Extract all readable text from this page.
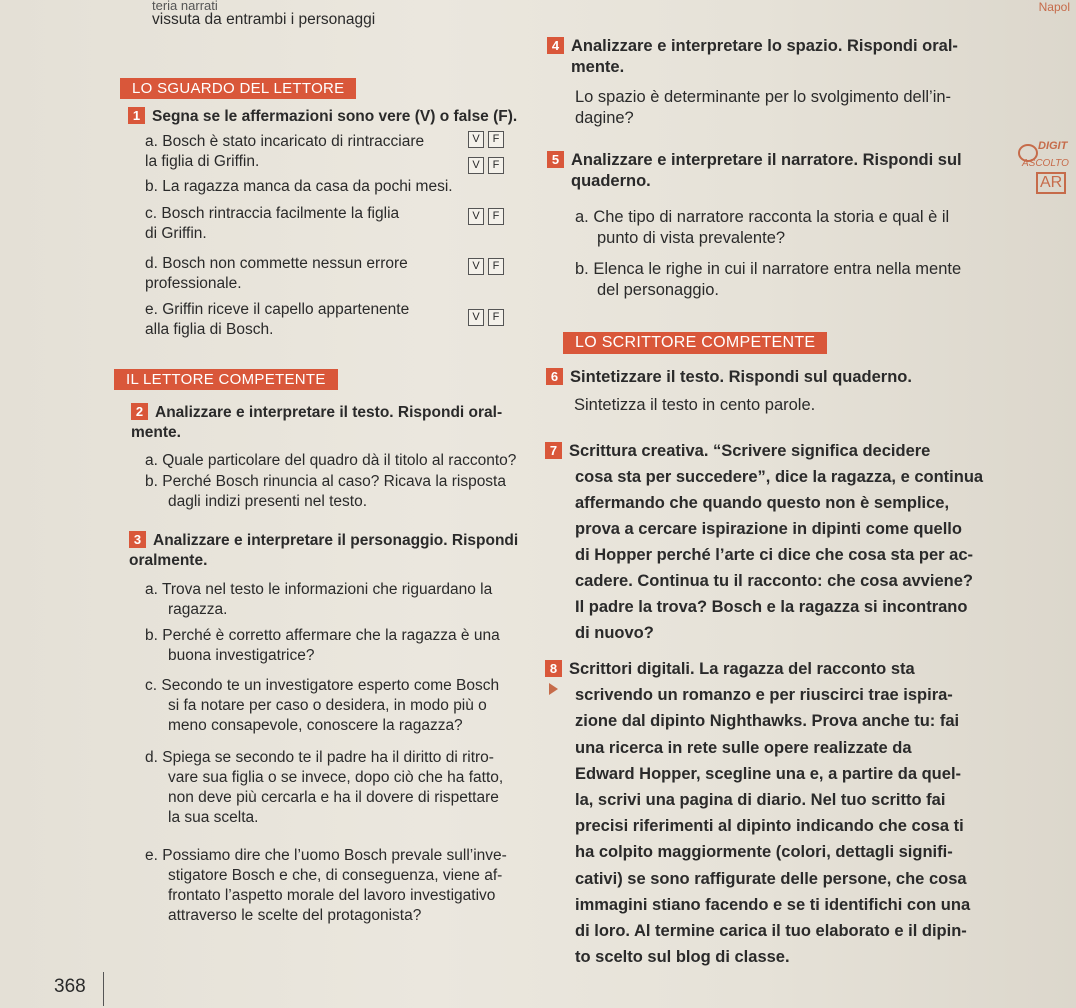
teria narrati
vissuta da entrambi i personaggi
Napol
LO SGUARDO DEL LETTORE
1 Segna se le affermazioni sono vere (V) o false (F).
a. Bosch è stato incaricato di rintracciare
la figlia di Griffin.
V	F
b. La ragazza manca da casa da pochi mesi.
V	F
c. Bosch rintraccia facilmente la figlia
di Griffin.
V	F
d. Bosch non commette nessun errore
professionale.
V	F
e. Griffin riceve il capello appartenente
alla figlia di Bosch.
V	F
IL LETTORE COMPETENTE
2 Analizzare e interpretare il testo. Rispondi oral-
mente.
a. Quale particolare del quadro dà il titolo al racconto?
b. Perché Bosch rinuncia al caso? Ricava la risposta
dagli indizi presenti nel testo.
3 Analizzare e interpretare il personaggio. Rispondi
oralmente.
a. Trova nel testo le informazioni che riguardano la
ragazza.
b. Perché è corretto affermare che la ragazza è una
buona investigatrice?
c. Secondo te un investigatore esperto come Bosch
si fa notare per caso o desidera, in modo più o
meno consapevole, conoscere la ragazza?
d. Spiega se secondo te il padre ha il diritto di ritro-
vare sua figlia o se invece, dopo ciò che ha fatto,
non deve più cercarla e ha il dovere di rispettare
la sua scelta.
e. Possiamo dire che l’uomo Bosch prevale sull’inve-
stigatore Bosch e che, di conseguenza, viene af-
frontato l’aspetto morale del lavoro investigativo
attraverso le scelte del protagonista?
4 Analizzare e interpretare lo spazio. Rispondi oral-
mente.
Lo spazio è determinante per lo svolgimento dell’in-
dagine?
5 Analizzare e interpretare il narratore. Rispondi sul
quaderno.
a. Che tipo di narratore racconta la storia e qual è il
punto di vista prevalente?
b. Elenca le righe in cui il narratore entra nella mente
del personaggio.
DIGIT
ASCOLTO
AR
LO SCRITTORE COMPETENTE
6 Sintetizzare il testo. Rispondi sul quaderno.
Sintetizza il testo in cento parole.
7 Scrittura creativa. “Scrivere significa decidere
cosa sta per succedere”, dice la ragazza, e continua
affermando che quando questo non è semplice,
prova a cercare ispirazione in dipinti come quello
di Hopper perché l’arte ci dice che cosa sta per ac-
cadere. Continua tu il racconto: che cosa avviene?
Il padre la trova? Bosch e la ragazza si incontrano
di nuovo?
8 Scrittori digitali. La ragazza del racconto sta
scrivendo un romanzo e per riuscirci trae ispira-
zione dal dipinto Nighthawks. Prova anche tu: fai
una ricerca in rete sulle opere realizzate da
Edward Hopper, scegline una e, a partire da quel-
la, scrivi una pagina di diario. Nel tuo scritto fai
precisi riferimenti al dipinto indicando che cosa ti
ha colpito maggiormente (colori, dettagli signifi-
cativi) se sono raffigurate delle persone, che cosa
immagini stiano facendo e se ti identifichi con una
di loro. Al termine carica il tuo elaborato e il dipin-
to scelto sul blog di classe.
368
